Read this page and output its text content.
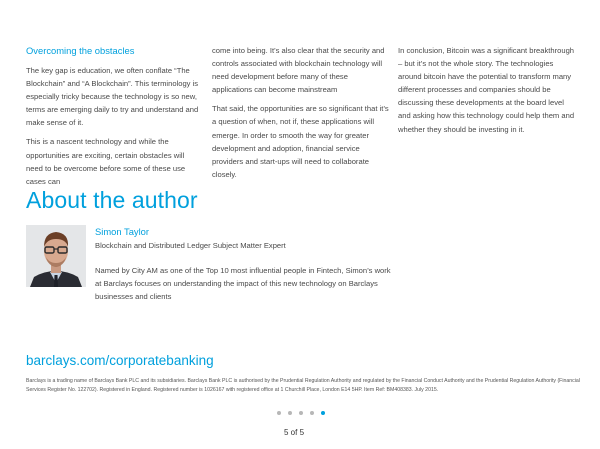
Overcoming the obstacles

The key gap is education, we often conflate “The Blockchain” and “A Blockchain”. This terminology is especially tricky because the technology is so new, terms are emerging daily to try and understand and make sense of it.

This is a nascent technology and while the opportunities are exciting, certain obstacles will need to be overcome before some of these use cases can

come into being. It’s also clear that the security and controls associated with blockchain technology will need development before many of these applications can become mainstream

That said, the opportunities are so significant that it’s a question of when, not if, these applications will emerge. In order to smooth the way for greater development and adoption, financial service providers and start-ups will need to collaborate closely.

In conclusion, Bitcoin was a significant breakthrough – but it’s not the whole story. The technologies around bitcoin have the potential to transform many different processes and companies should be discussing these developments at the board level and asking how this technology could help them and whether they should be investing in it.

About the author
Simon Taylor
Blockchain and Distributed Ledger Subject Matter Expert
Named by City AM as one of the Top 10 most influential people in Fintech, Simon’s work at Barclays focuses on understanding the impact of this new technology on Barclays businesses and clients
barclays.com/corporatebanking
Barclays is a trading name of Barclays Bank PLC and its subsidiaries. Barclays Bank PLC is authorised by the Prudential Regulation Authority and regulated by the Financial Conduct Authority and the Prudential Regulation Authority (Financial Services Register No. 122702). Registered in England. Registered number is 1026167 with registered office at 1 Churchill Place, London E14 5HP. Item Ref: BM408383. July 2015.
5 of 5
